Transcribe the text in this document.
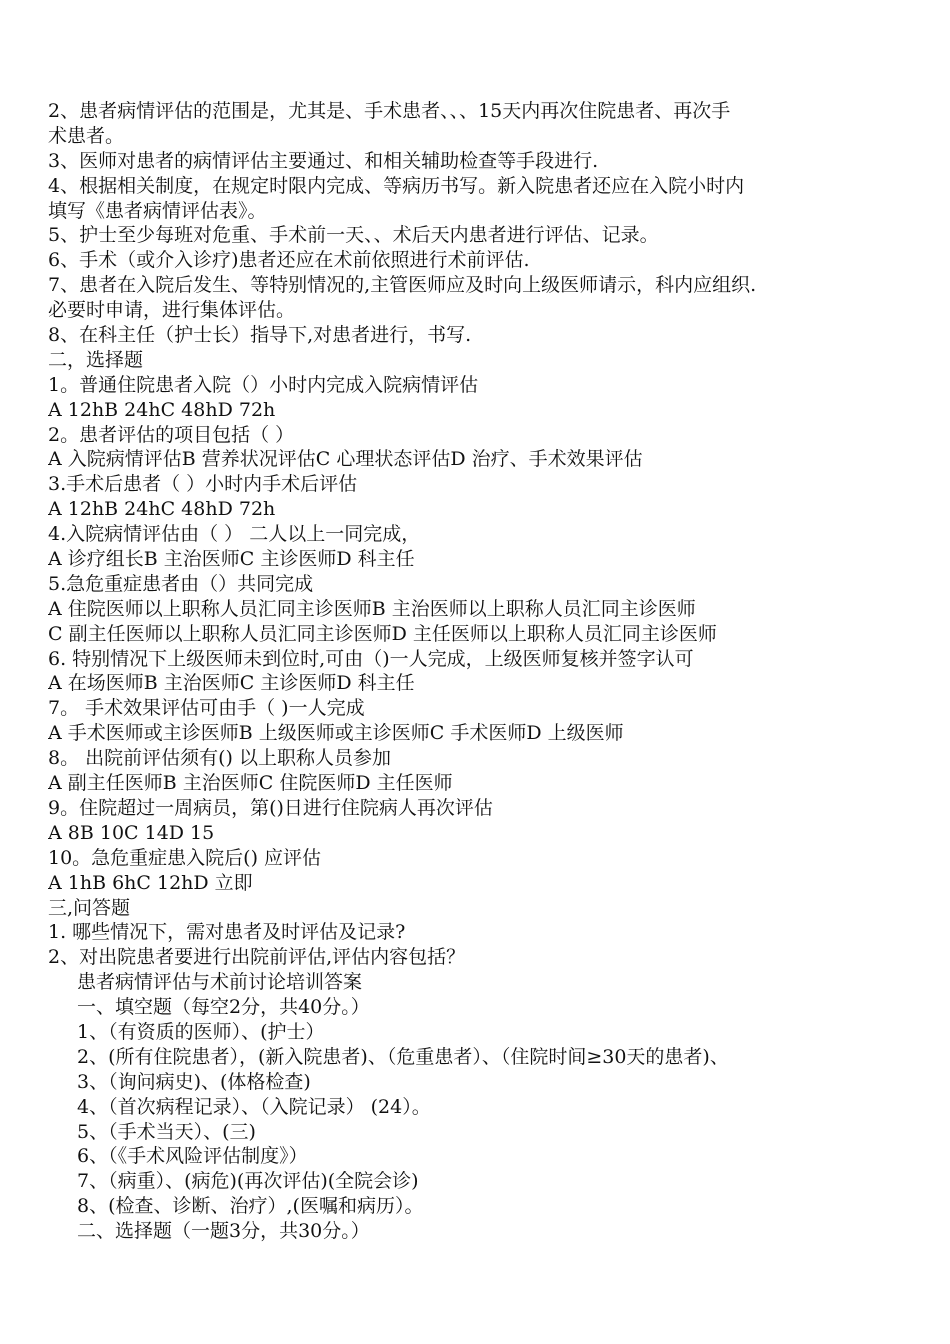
2、患者病情评估的范围是，尤其是、手术患者、、、15天内再次住院患者、再次手
术患者。
3、医师对患者的病情评估主要通过、和相关辅助检查等手段进行.
4、根据相关制度，在规定时限内完成、等病历书写。新入院患者还应在入院小时内
填写《患者病情评估表》。
5、护士至少每班对危重、手术前一天、、术后天内患者进行评估、记录。
6、手术（或介入诊疗)患者还应在术前依照进行术前评估.
7、患者在入院后发生、等特别情况的,主管医师应及时向上级医师请示，科内应组织.
必要时申请，进行集体评估。
8、在科主任（护士长）指导下,对患者进行，书写.
二，选择题
1。普通住院患者入院（）小时内完成入院病情评估
A 12hB 24hC 48hD 72h
2。患者评估的项目包括（ ）
A 入院病情评估B 营养状况评估C 心理状态评估D 治疗、手术效果评估
3.手术后患者（ ）小时内手术后评估
A 12hB 24hC 48hD 72h
4.入院病情评估由（ ） 二人以上一同完成，
A 诊疗组长B 主治医师C 主诊医师D 科主任
5.急危重症患者由（）共同完成
A 住院医师以上职称人员汇同主诊医师B 主治医师以上职称人员汇同主诊医师
C 副主任医师以上职称人员汇同主诊医师D 主任医师以上职称人员汇同主诊医师
6. 特别情况下上级医师未到位时,可由（)一人完成，上级医师复核并签字认可
A 在场医师B 主治医师C 主诊医师D 科主任
7。 手术效果评估可由手（ )一人完成
A 手术医师或主诊医师B 上级医师或主诊医师C 手术医师D 上级医师
8。 出院前评估须有() 以上职称人员参加
A 副主任医师B 主治医师C 住院医师D 主任医师
9。住院超过一周病员，第()日进行住院病人再次评估
A 8B 10C 14D 15
10。急危重症患入院后() 应评估
A 1hB 6hC 12hD 立即
三,问答题
1. 哪些情况下，需对患者及时评估及记录?
2、对出院患者要进行出院前评估,评估内容包括？
患者病情评估与术前讨论培训答案
一、填空题（每空2分，共40分。）
1、（有资质的医师）、(护士）
2、(所有住院患者），(新入院患者)、（危重患者）、（住院时间≥30天的患者)、
3、（询问病史)、(体格检查)
4、（首次病程记录）、（入院记录） (24）。
5、（手术当天）、(三)
6、（《手术风险评估制度》）
7、（病重）、(病危)(再次评估)(全院会诊)
8、(检查、诊断、治疗）,(医嘱和病历）。
二、选择题（一题3分，共30分。）
